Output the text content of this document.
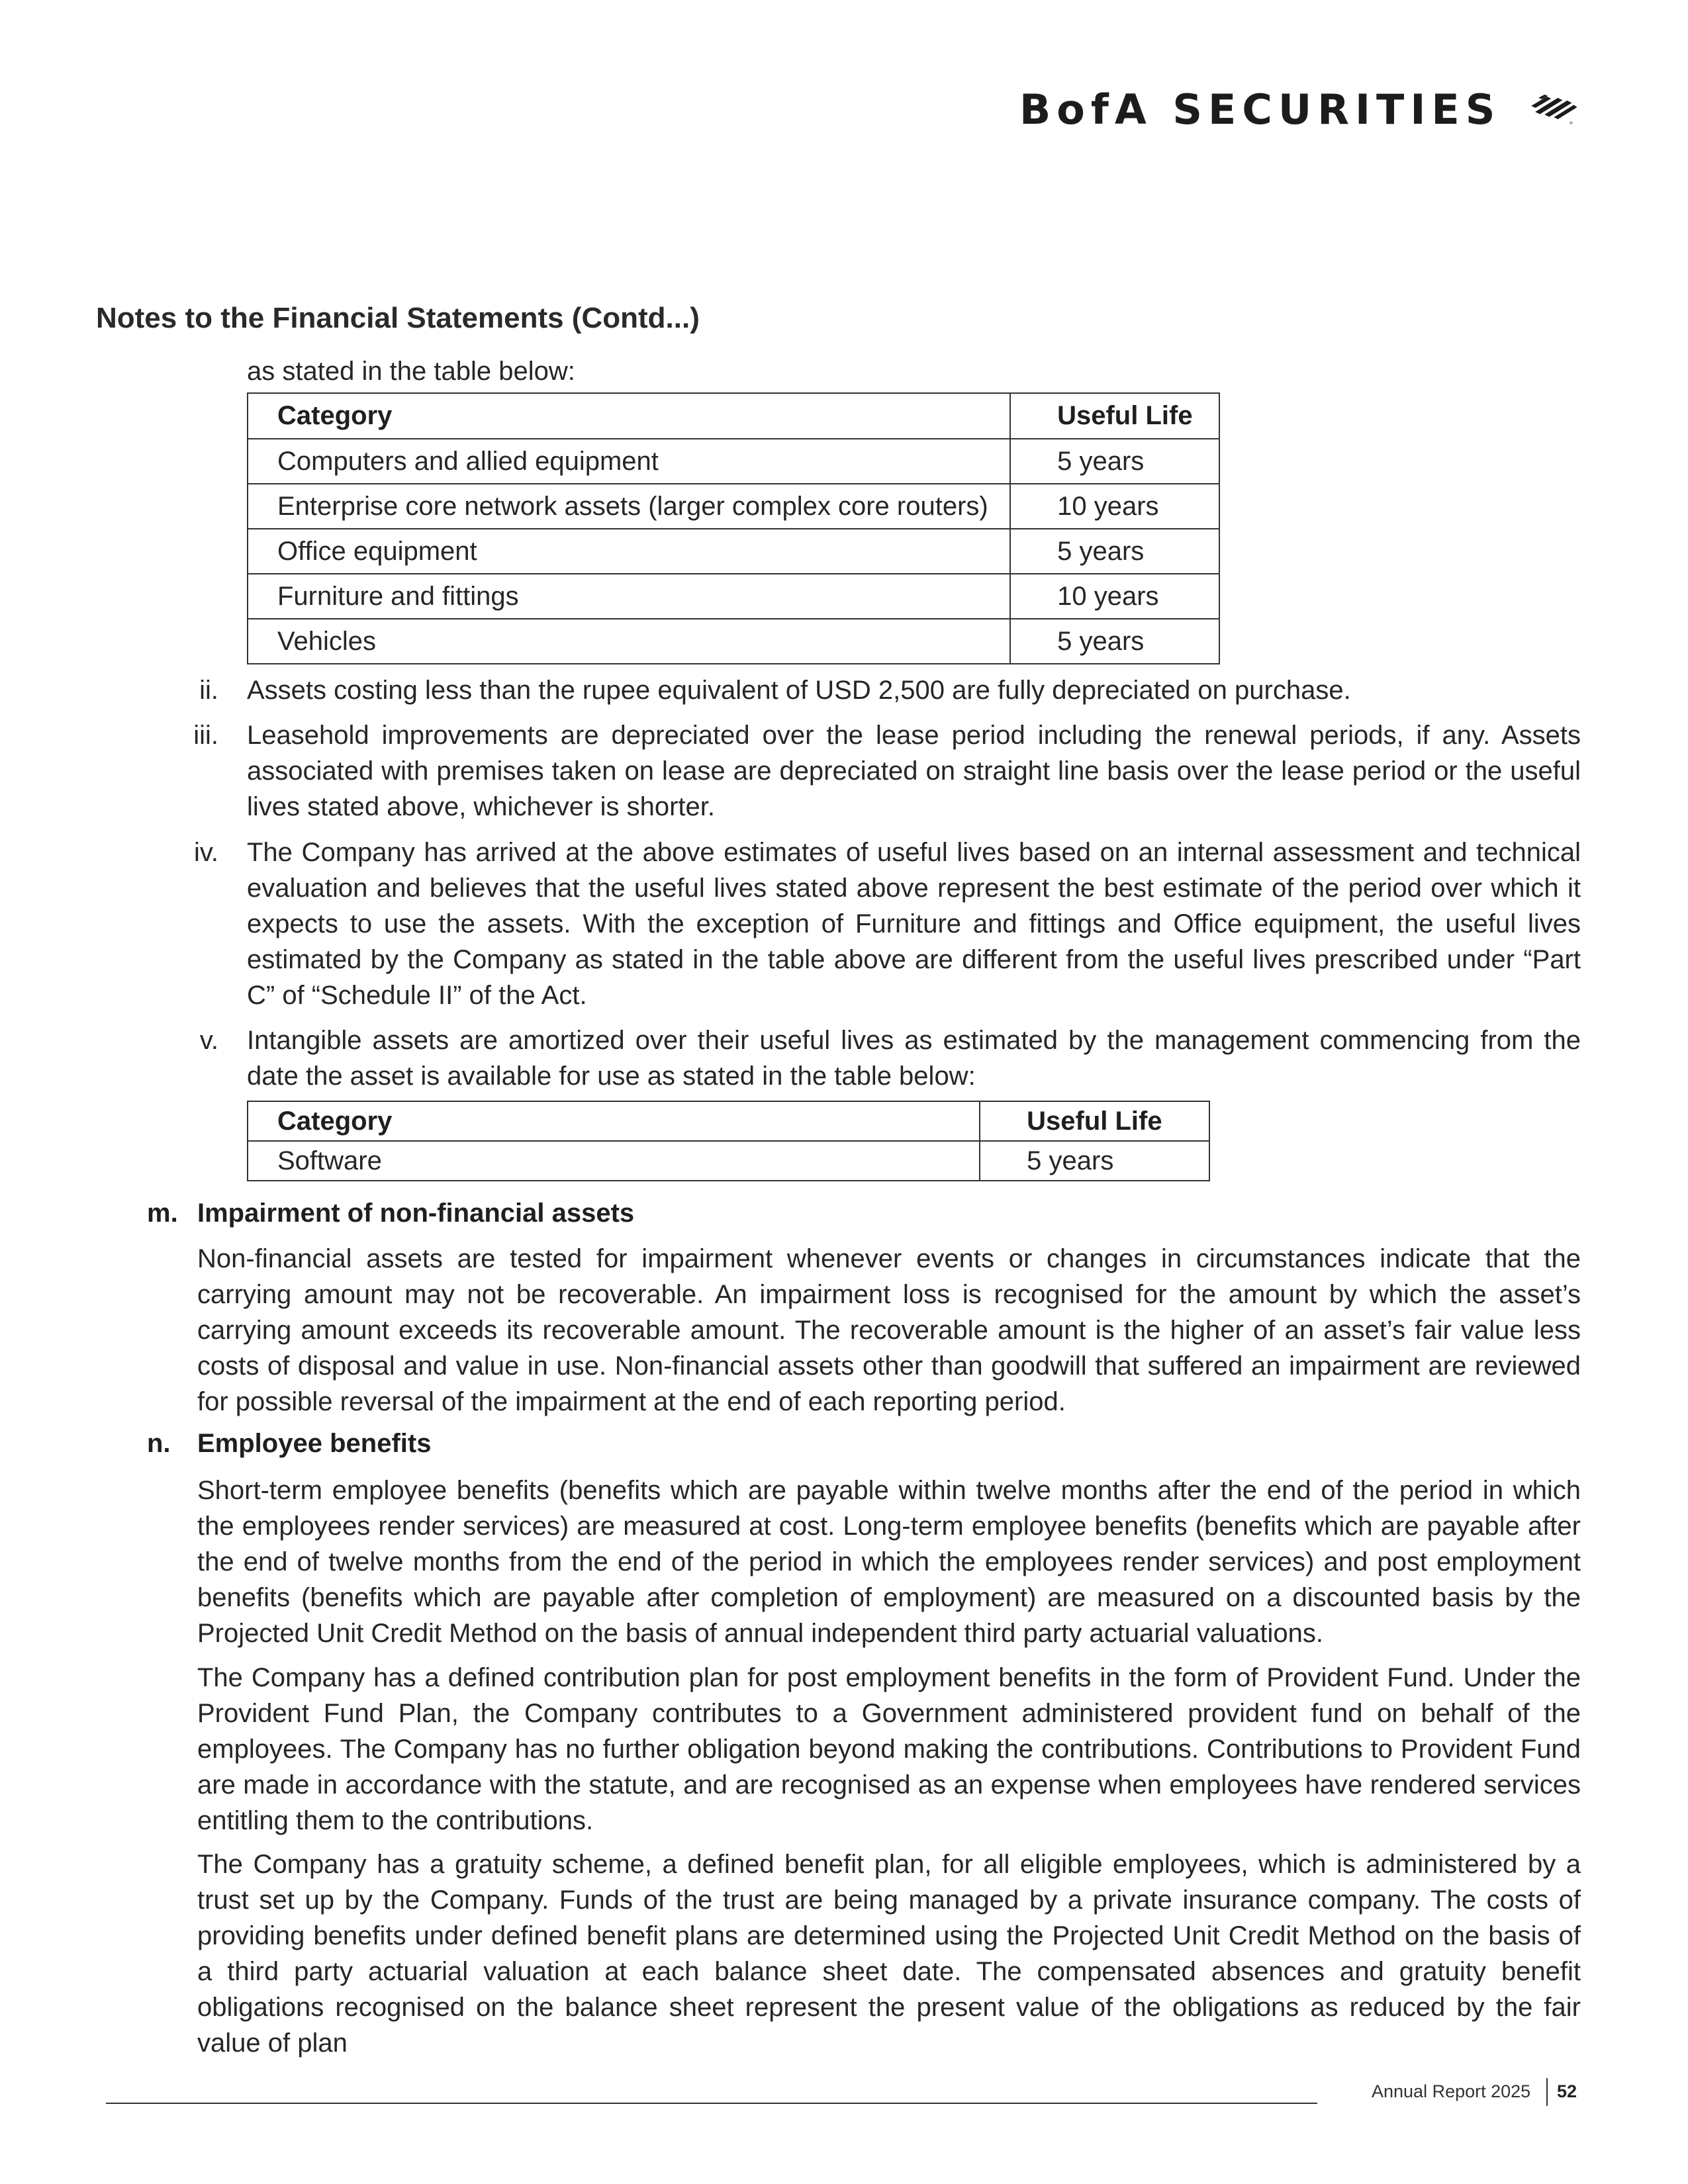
BofA SECURITIES	®
Notes to the Financial Statements (Contd...)
as stated in the table below:
Category	Useful Life
Computers and allied equipment	5 years
Enterprise core network assets (larger complex core routers)	10 years
Office equipment	5 years
Furniture and fittings	10 years
Vehicles	5 years
ii. Assets costing less than the rupee equivalent of USD 2,500 are fully depreciated on purchase.
iii. Leasehold improvements are depreciated over the lease period including the renewal periods, if any. Assets associated with premises taken on lease are depreciated on straight line basis over the lease period or the useful lives stated above, whichever is shorter.
iv. The Company has arrived at the above estimates of useful lives based on an internal assessment and technical evaluation and believes that the useful lives stated above represent the best estimate of the period over which it expects to use the assets. With the exception of Furniture and fittings and Office equipment, the useful lives estimated by the Company as stated in the table above are different from the useful lives prescribed under “Part C” of “Schedule II” of the Act.
v. Intangible assets are amortized over their useful lives as estimated by the management commencing from the date the asset is available for use as stated in the table below:
Category	Useful Life
Software	5 years
m. Impairment of non-financial assets
Non-financial assets are tested for impairment whenever events or changes in circumstances indicate that the carrying amount may not be recoverable. An impairment loss is recognised for the amount by which the asset’s carrying amount exceeds its recoverable amount. The recoverable amount is the higher of an asset’s fair value less costs of disposal and value in use. Non-financial assets other than goodwill that suffered an impairment are reviewed for possible reversal of the impairment at the end of each reporting period.
n. Employee benefits
Short-term employee benefits (benefits which are payable within twelve months after the end of the period in which the employees render services) are measured at cost. Long-term employee benefits (benefits which are payable after the end of twelve months from the end of the period in which the employees render services) and post employment benefits (benefits which are payable after completion of employment) are measured on a discounted basis by the Projected Unit Credit Method on the basis of annual independent third party actuarial valuations.
The Company has a defined contribution plan for post employment benefits in the form of Provident Fund. Under the Provident Fund Plan, the Company contributes to a Government administered provident fund on behalf of the employees. The Company has no further obligation beyond making the contributions. Contributions to Provident Fund are made in accordance with the statute, and are recognised as an expense when employees have rendered services entitling them to the contributions.
The Company has a gratuity scheme, a defined benefit plan, for all eligible employees, which is administered by a trust set up by the Company. Funds of the trust are being managed by a private insurance company. The costs of providing benefits under defined benefit plans are determined using the Projected Unit Credit Method on the basis of a third party actuarial valuation at each balance sheet date. The compensated absences and gratuity benefit obligations recognised on the balance sheet represent the present value of the obligations as reduced by the fair value of plan
Annual Report 2025 52
